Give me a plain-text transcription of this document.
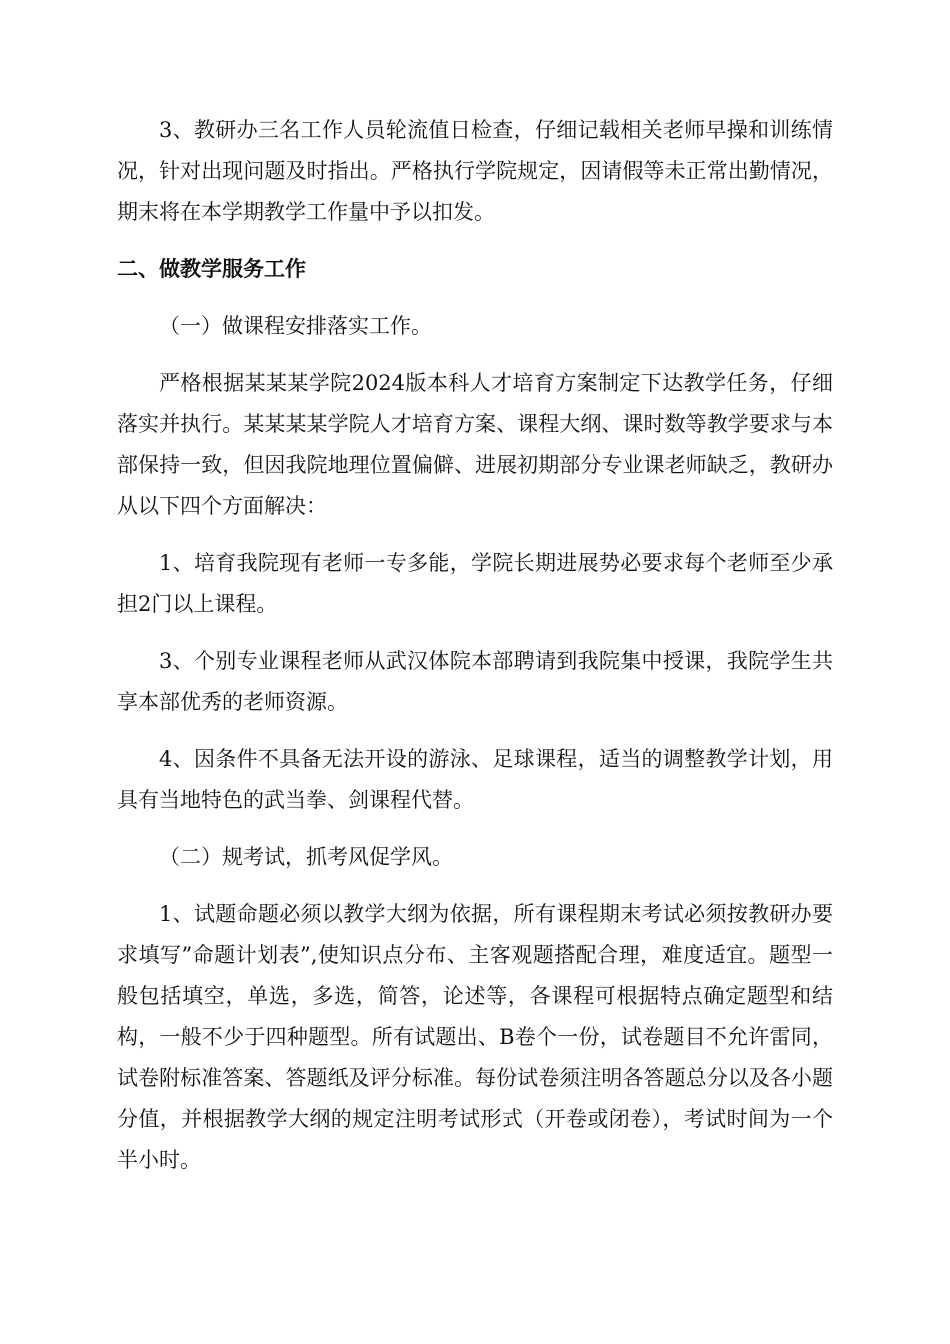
3、教研办三名工作人员轮流值日检查，仔细记载相关老师早操和训练情况，针对出现问题及时指出。严格执行学院规定，因请假等未正常出勤情况，期末将在本学期教学工作量中予以扣发。

二、做教学服务工作

（一）做课程安排落实工作。

严格根据某某某学院2024版本科人才培育方案制定下达教学任务，仔细落实并执行。某某某某学院人才培育方案、课程大纲、课时数等教学要求与本部保持一致，但因我院地理位置偏僻、进展初期部分专业课老师缺乏，教研办从以下四个方面解决：

1、培育我院现有老师一专多能，学院长期进展势必要求每个老师至少承担2门以上课程。

3、个别专业课程老师从武汉体院本部聘请到我院集中授课，我院学生共享本部优秀的老师资源。

4、因条件不具备无法开设的游泳、足球课程，适当的调整教学计划，用具有当地特色的武当拳、剑课程代替。

（二）规考试，抓考风促学风。

1、试题命题必须以教学大纲为依据，所有课程期末考试必须按教研办要求填写”命题计划表”,使知识点分布、主客观题搭配合理，难度适宜。题型一般包括填空，单选，多选，简答，论述等，各课程可根据特点确定题型和结构，一般不少于四种题型。所有试题出、B卷个一份，试卷题目不允许雷同，试卷附标准答案、答题纸及评分标准。每份试卷须注明各答题总分以及各小题分值，并根据教学大纲的规定注明考试形式（开卷或闭卷），考试时间为一个半小时。
